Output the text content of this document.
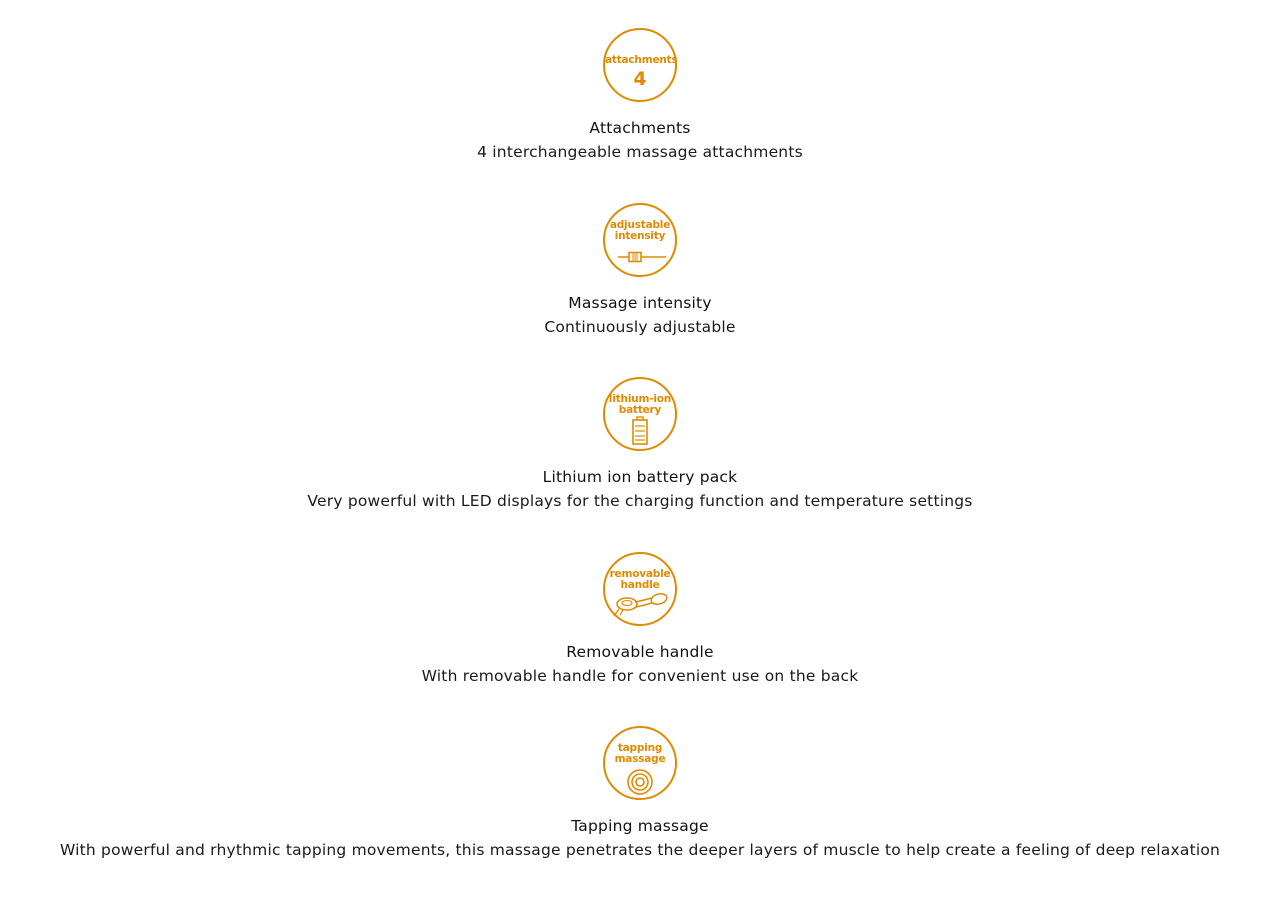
attachments
4
Attachments
4 interchangeable massage attachments
adjustable
intensity
Massage intensity
Continuously adjustable
lithium-ion
battery
Lithium ion battery pack
Very powerful with LED displays for the charging function and temperature settings
removable
handle
Removable handle
With removable handle for convenient use on the back
tapping
massage
Tapping massage
With powerful and rhythmic tapping movements, this massage penetrates the deeper layers of muscle to help create a feeling of deep relaxation
